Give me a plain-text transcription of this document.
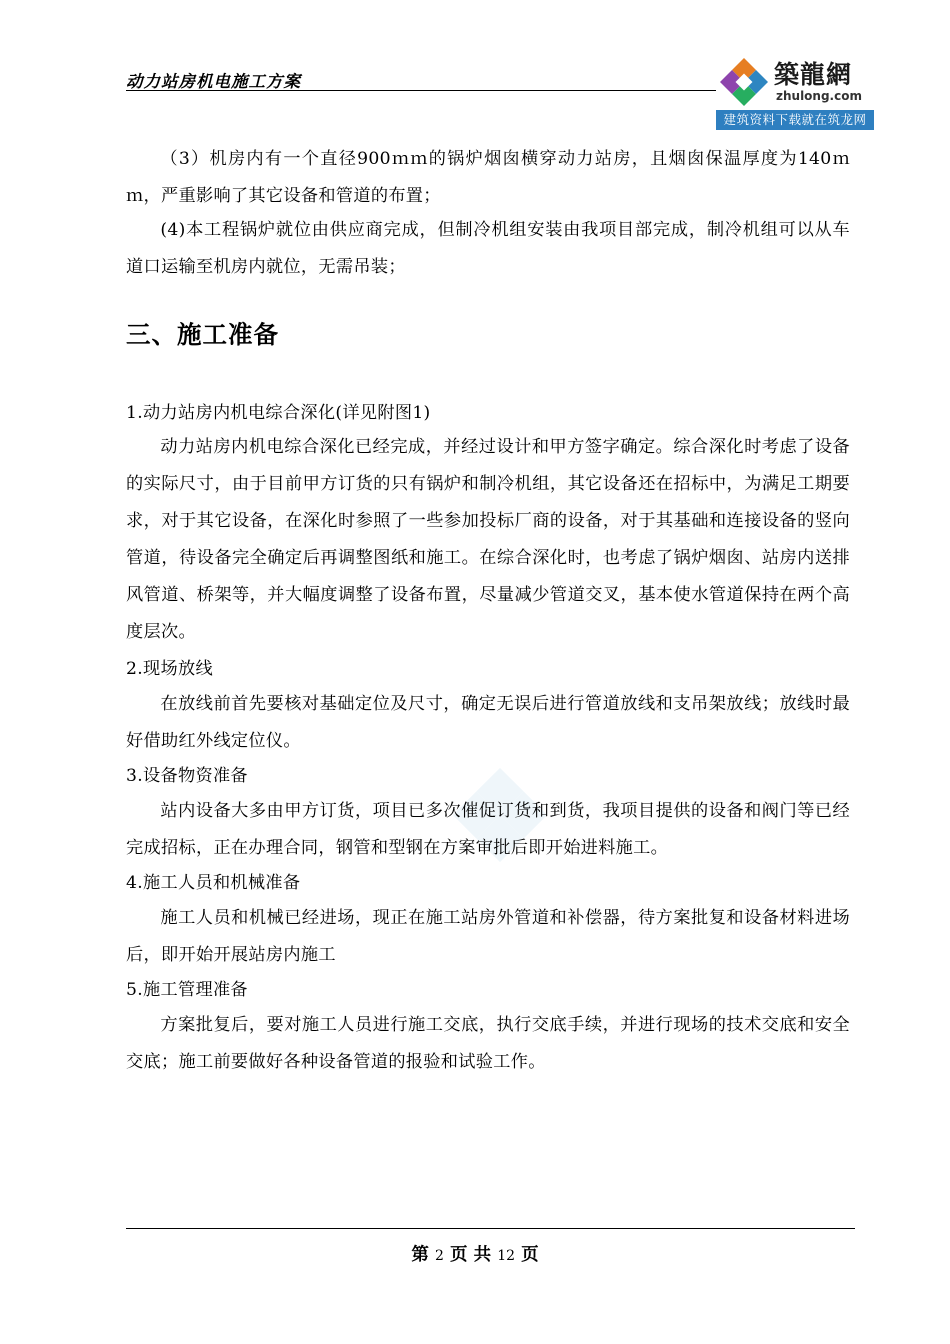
动力站房机电施工方案	築龍網
zhulong.com
建筑资料下载就在筑龙网
（3）机房内有一个直径900ｍｍ的锅炉烟囱横穿动力站房，且烟囱保温厚度为140ｍｍ，严重影响了其它设备和管道的布置；
(4)本工程锅炉就位由供应商完成，但制冷机组安装由我项目部完成，制冷机组可以从车道口运输至机房内就位，无需吊装；
三、施工准备
1.动力站房内机电综合深化(详见附图1)
动力站房内机电综合深化已经完成，并经过设计和甲方签字确定。综合深化时考虑了设备的实际尺寸，由于目前甲方订货的只有锅炉和制冷机组，其它设备还在招标中，为满足工期要求，对于其它设备，在深化时参照了一些参加投标厂商的设备，对于其基础和连接设备的竖向管道，待设备完全确定后再调整图纸和施工。在综合深化时，也考虑了锅炉烟囱、站房内送排风管道、桥架等，并大幅度调整了设备布置，尽量减少管道交叉，基本使水管道保持在两个高度层次。
2.现场放线
在放线前首先要核对基础定位及尺寸，确定无误后进行管道放线和支吊架放线；放线时最好借助红外线定位仪。
3.设备物资准备
站内设备大多由甲方订货，项目已多次催促订货和到货，我项目提供的设备和阀门等已经完成招标，正在办理合同，钢管和型钢在方案审批后即开始进料施工。
4.施工人员和机械准备
施工人员和机械已经进场，现正在施工站房外管道和补偿器，待方案批复和设备材料进场后，即开始开展站房内施工
5.施工管理准备
方案批复后，要对施工人员进行施工交底，执行交底手续，并进行现场的技术交底和安全交底；施工前要做好各种设备管道的报验和试验工作。
第 2 页 共 12 页
